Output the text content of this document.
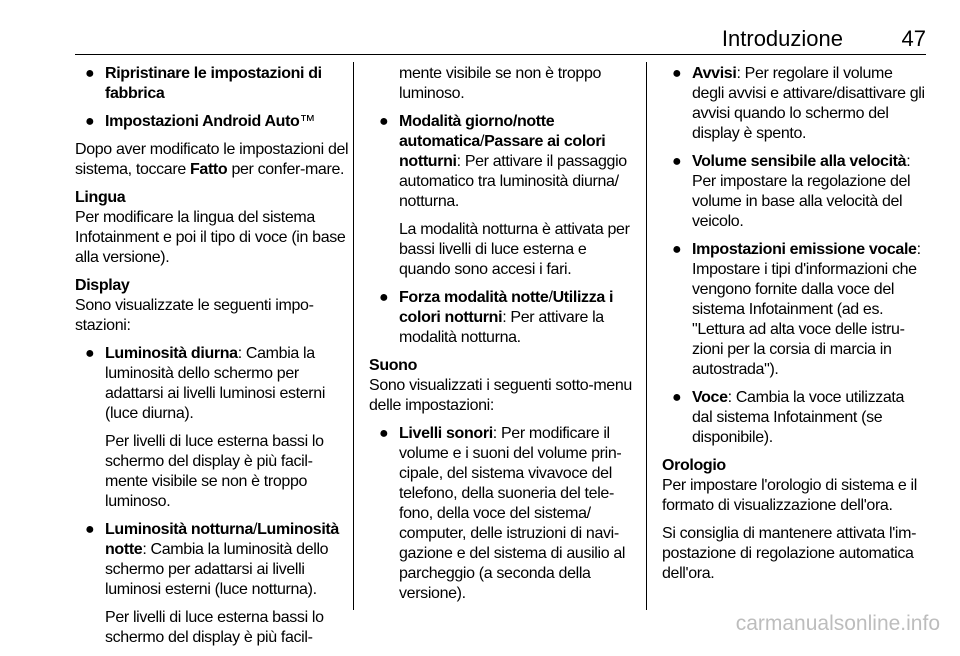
Introduzione	47
● Ripristinare le impostazioni di fabbrica
● Impostazioni Android Auto™

Dopo aver modificato le impostazioni del sistema, toccare Fatto per confer-mare.

Lingua

Per modificare la lingua del sistema Infotainment e poi il tipo di voce (in base alla versione).

Display

Sono visualizzate le seguenti impo-stazioni:

● Luminosità diurna: Cambia la luminosità dello schermo per adattarsi ai livelli luminosi esterni (luce diurna).

Per livelli di luce esterna bassi lo schermo del display è più facil-mente visibile se non è troppo luminoso.

● Luminosità notturna/Luminosità notte: Cambia la luminosità dello schermo per adattarsi ai livelli luminosi esterni (luce notturna).

Per livelli di luce esterna bassi lo schermo del display è più facil-

mente visibile se non è troppo luminoso.

● Modalità giorno/notte automatica/Passare ai colori notturni: Per attivare il passaggio automatico tra luminosità diurna/ notturna.

La modalità notturna è attivata per bassi livelli di luce esterna e quando sono accesi i fari.

● Forza modalità notte/Utilizza i colori notturni: Per attivare la modalità notturna.

Suono

Sono visualizzati i seguenti sotto-menu delle impostazioni:

● Livelli sonori: Per modificare il volume e i suoni del volume prin-cipale, del sistema vivavoce del telefono, della suoneria del tele-fono, della voce del sistema/ computer, delle istruzioni di navi-gazione e del sistema di ausilio al parcheggio (a seconda della versione).
● Avvisi: Per regolare il volume degli avvisi e attivare/disattivare gli avvisi quando lo schermo del display è spento.
● Volume sensibile alla velocità: Per impostare la regolazione del volume in base alla velocità del veicolo.
● Impostazioni emissione vocale: Impostare i tipi d'informazioni che vengono fornite dalla voce del sistema Infotainment (ad es. "Lettura ad alta voce delle istru-zioni per la corsia di marcia in autostrada").
● Voce: Cambia la voce utilizzata dal sistema Infotainment (se disponibile).

Orologio

Per impostare l'orologio di sistema e il formato di visualizzazione dell'ora.

Si consiglia di mantenere attivata l'im-postazione di regolazione automatica dell'ora.

carmanualsonline.info
